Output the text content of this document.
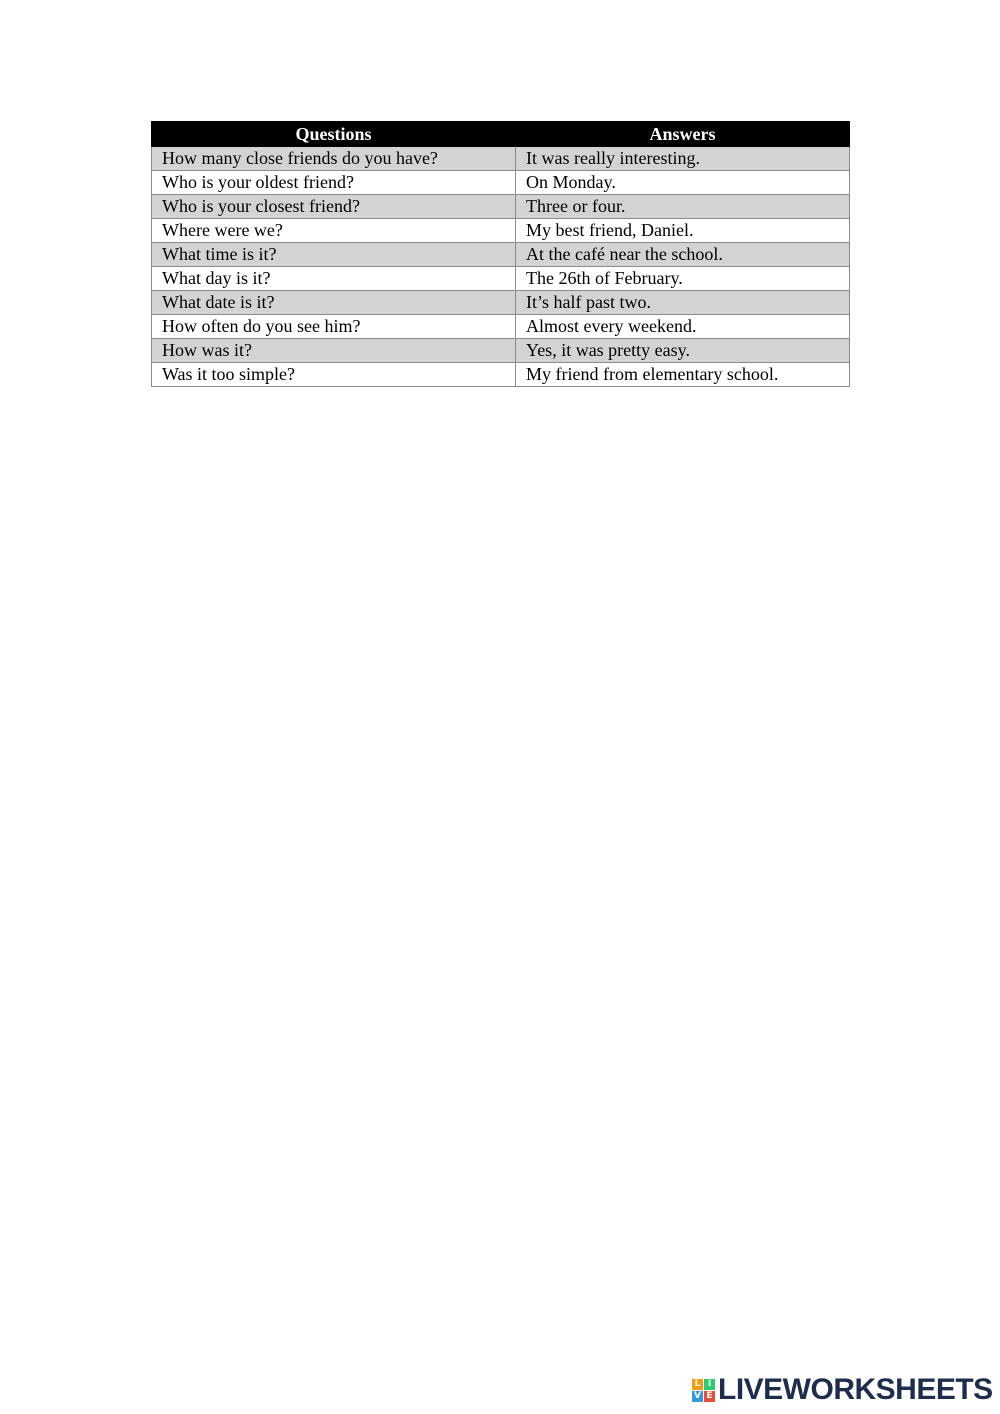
Questions	Answers
How many close friends do you have?	It was really interesting.
Who is your oldest friend?	On Monday.
Who is your closest friend?	Three or four.
Where were we?	My best friend, Daniel.
What time is it?	At the café near the school.
What day is it?	The 26th of February.
What date is it?	It’s half past two.
How often do you see him?	Almost every weekend.
How was it?	Yes, it was pretty easy.
Was it too simple?	My friend from elementary school.
L I
V E LIVEWORKSHEETS
